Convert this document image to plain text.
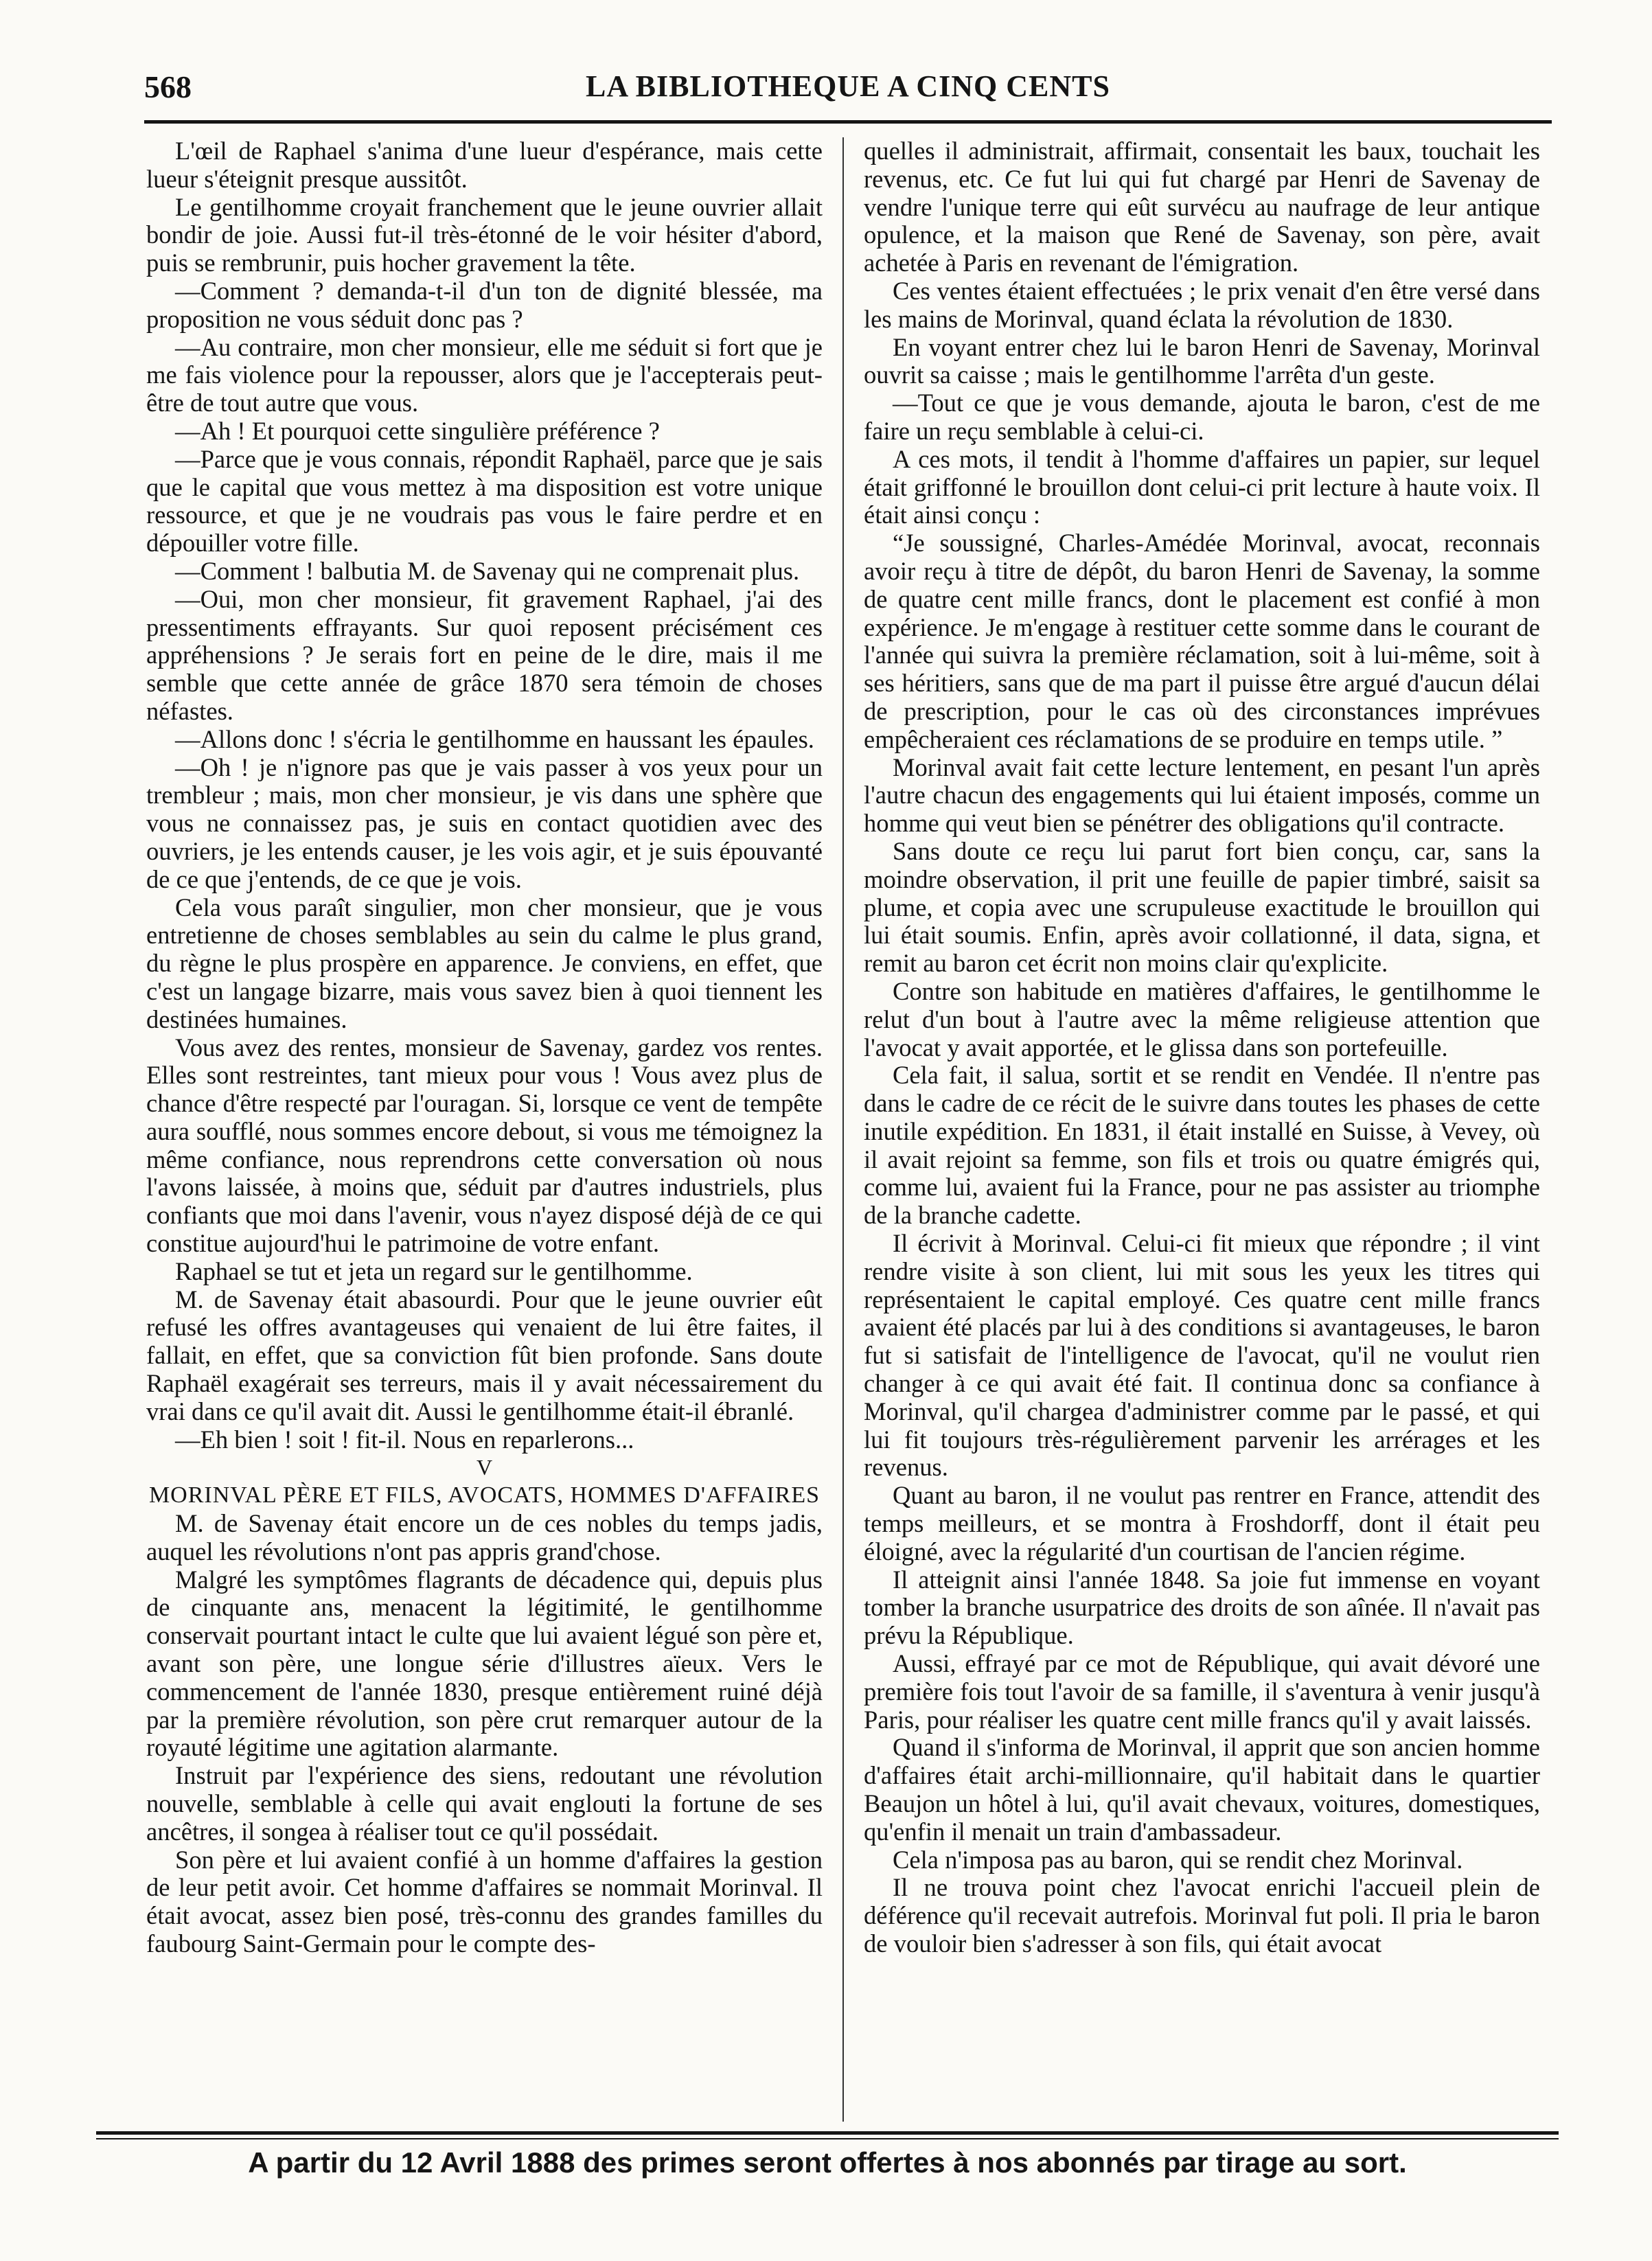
568	LA BIBLIOTHEQUE A CINQ CENTS

L'œil de Raphael s'anima d'une lueur d'espérance, mais cette lueur s'éteignit presque aussitôt.

Le gentilhomme croyait franchement que le jeune ouvrier allait bondir de joie. Aussi fut-il très-étonné de le voir hésiter d'abord, puis se rembrunir, puis hocher gravement la tête.

—Comment ? demanda-t-il d'un ton de dignité blessée, ma proposition ne vous séduit donc pas ?

—Au contraire, mon cher monsieur, elle me séduit si fort que je me fais violence pour la repousser, alors que je l'accepterais peut-être de tout autre que vous.

—Ah ! Et pourquoi cette singulière préférence ?

—Parce que je vous connais, répondit Raphaël, parce que je sais que le capital que vous mettez à ma disposition est votre unique ressource, et que je ne voudrais pas vous le faire perdre et en dépouiller votre fille.

—Comment ! balbutia M. de Savenay qui ne comprenait plus.

—Oui, mon cher monsieur, fit gravement Raphael, j'ai des pressentiments effrayants. Sur quoi reposent précisément ces appréhensions ? Je serais fort en peine de le dire, mais il me semble que cette année de grâce 1870 sera témoin de choses néfastes.

—Allons donc ! s'écria le gentilhomme en haussant les épaules.

—Oh ! je n'ignore pas que je vais passer à vos yeux pour un trembleur ; mais, mon cher monsieur, je vis dans une sphère que vous ne connaissez pas, je suis en contact quotidien avec des ouvriers, je les entends causer, je les vois agir, et je suis épouvanté de ce que j'entends, de ce que je vois.

Cela vous paraît singulier, mon cher monsieur, que je vous entretienne de choses semblables au sein du calme le plus grand, du règne le plus prospère en apparence. Je conviens, en effet, que c'est un langage bizarre, mais vous savez bien à quoi tiennent les destinées humaines.

Vous avez des rentes, monsieur de Savenay, gardez vos rentes. Elles sont restreintes, tant mieux pour vous ! Vous avez plus de chance d'être respecté par l'ouragan. Si, lorsque ce vent de tempête aura soufflé, nous sommes encore debout, si vous me témoignez la même confiance, nous reprendrons cette conversation où nous l'avons laissée, à moins que, séduit par d'autres industriels, plus confiants que moi dans l'avenir, vous n'ayez disposé déjà de ce qui constitue aujourd'hui le patrimoine de votre enfant.

Raphael se tut et jeta un regard sur le gentilhomme.

M. de Savenay était abasourdi. Pour que le jeune ouvrier eût refusé les offres avantageuses qui venaient de lui être faites, il fallait, en effet, que sa conviction fût bien profonde. Sans doute Raphaël exagérait ses terreurs, mais il y avait nécessairement du vrai dans ce qu'il avait dit. Aussi le gentilhomme était-il ébranlé.

—Eh bien ! soit ! fit-il. Nous en reparlerons...

V

MORINVAL PÈRE ET FILS, AVOCATS, HOMMES D'AFFAIRES

M. de Savenay était encore un de ces nobles du temps jadis, auquel les révolutions n'ont pas appris grand'chose.

Malgré les symptômes flagrants de décadence qui, depuis plus de cinquante ans, menacent la légitimité, le gentilhomme conservait pourtant intact le culte que lui avaient légué son père et, avant son père, une longue série d'illustres aïeux. Vers le commencement de l'année 1830, presque entièrement ruiné déjà par la première révolution, son père crut remarquer autour de la royauté légitime une agitation alarmante.

Instruit par l'expérience des siens, redoutant une révolution nouvelle, semblable à celle qui avait englouti la fortune de ses ancêtres, il songea à réaliser tout ce qu'il possédait.

Son père et lui avaient confié à un homme d'affaires la gestion de leur petit avoir. Cet homme d'affaires se nommait Morinval. Il était avocat, assez bien posé, très-connu des grandes familles du faubourg Saint-Germain pour le compte des-

quelles il administrait, affirmait, consentait les baux, touchait les revenus, etc. Ce fut lui qui fut chargé par Henri de Savenay de vendre l'unique terre qui eût survécu au naufrage de leur antique opulence, et la maison que René de Savenay, son père, avait achetée à Paris en revenant de l'émigration.

Ces ventes étaient effectuées ; le prix venait d'en être versé dans les mains de Morinval, quand éclata la révolution de 1830.

En voyant entrer chez lui le baron Henri de Savenay, Morinval ouvrit sa caisse ; mais le gentilhomme l'arrêta d'un geste.

—Tout ce que je vous demande, ajouta le baron, c'est de me faire un reçu semblable à celui-ci.

A ces mots, il tendit à l'homme d'affaires un papier, sur lequel était griffonné le brouillon dont celui-ci prit lecture à haute voix. Il était ainsi conçu :

“Je soussigné, Charles-Amédée Morinval, avocat, reconnais avoir reçu à titre de dépôt, du baron Henri de Savenay, la somme de quatre cent mille francs, dont le placement est confié à mon expérience. Je m'engage à restituer cette somme dans le courant de l'année qui suivra la première réclamation, soit à lui-même, soit à ses héritiers, sans que de ma part il puisse être argué d'aucun délai de prescription, pour le cas où des circonstances imprévues empêcheraient ces réclamations de se produire en temps utile. ”

Morinval avait fait cette lecture lentement, en pesant l'un après l'autre chacun des engagements qui lui étaient imposés, comme un homme qui veut bien se pénétrer des obligations qu'il contracte.

Sans doute ce reçu lui parut fort bien conçu, car, sans la moindre observation, il prit une feuille de papier timbré, saisit sa plume, et copia avec une scrupuleuse exactitude le brouillon qui lui était soumis. Enfin, après avoir collationné, il data, signa, et remit au baron cet écrit non moins clair qu'explicite.

Contre son habitude en matières d'affaires, le gentilhomme le relut d'un bout à l'autre avec la même religieuse attention que l'avocat y avait apportée, et le glissa dans son portefeuille.

Cela fait, il salua, sortit et se rendit en Vendée. Il n'entre pas dans le cadre de ce récit de le suivre dans toutes les phases de cette inutile expédition. En 1831, il était installé en Suisse, à Vevey, où il avait rejoint sa femme, son fils et trois ou quatre émigrés qui, comme lui, avaient fui la France, pour ne pas assister au triomphe de la branche cadette.

Il écrivit à Morinval. Celui-ci fit mieux que répondre ; il vint rendre visite à son client, lui mit sous les yeux les titres qui représentaient le capital employé. Ces quatre cent mille francs avaient été placés par lui à des conditions si avantageuses, le baron fut si satisfait de l'intelligence de l'avocat, qu'il ne voulut rien changer à ce qui avait été fait. Il continua donc sa confiance à Morinval, qu'il chargea d'administrer comme par le passé, et qui lui fit toujours très-régulièrement parvenir les arrérages et les revenus.

Quant au baron, il ne voulut pas rentrer en France, attendit des temps meilleurs, et se montra à Froshdorff, dont il était peu éloigné, avec la régularité d'un courtisan de l'ancien régime.

Il atteignit ainsi l'année 1848. Sa joie fut immense en voyant tomber la branche usurpatrice des droits de son aînée. Il n'avait pas prévu la République.

Aussi, effrayé par ce mot de République, qui avait dévoré une première fois tout l'avoir de sa famille, il s'aventura à venir jusqu'à Paris, pour réaliser les quatre cent mille francs qu'il y avait laissés.

Quand il s'informa de Morinval, il apprit que son ancien homme d'affaires était archi-millionnaire, qu'il habitait dans le quartier Beaujon un hôtel à lui, qu'il avait chevaux, voitures, domestiques, qu'enfin il menait un train d'ambassadeur.

Cela n'imposa pas au baron, qui se rendit chez Morinval.

Il ne trouva point chez l'avocat enrichi l'accueil plein de déférence qu'il recevait autrefois. Morinval fut poli. Il pria le baron de vouloir bien s'adresser à son fils, qui était avocat

A partir du 12 Avril 1888 des primes seront offertes à nos abonnés par tirage au sort.
